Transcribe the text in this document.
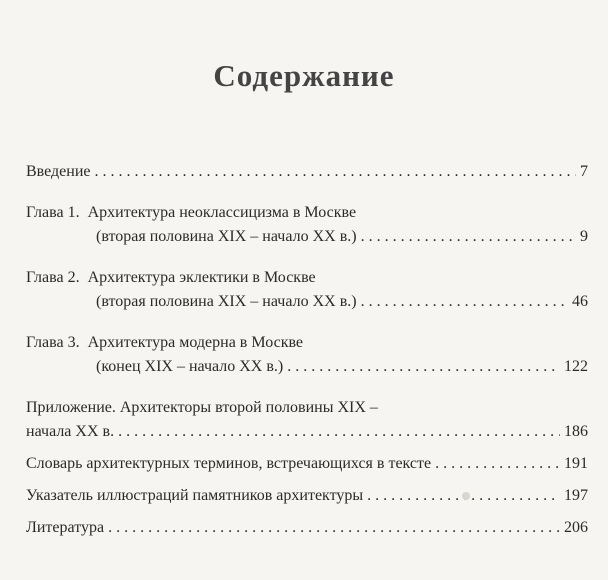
Содержание
Введение . . .	7
Глава 1. Архитектура неоклассицизма в Москве
(вторая половина XIX – начало XX в.) . . .	9
Глава 2. Архитектура эклектики в Москве
(вторая половина XIX – начало XX в.) . . .	46
Глава 3. Архитектура модерна в Москве
(конец XIX – начало XX в.) . . .	122
Приложение. Архитекторы второй половины XIX –
начала XX в. . . .	186
Словарь архитектурных терминов, встречающихся в тексте . . .	191
Указатель иллюстраций памятников архитектуры . . .	197
Литература . . .	206
